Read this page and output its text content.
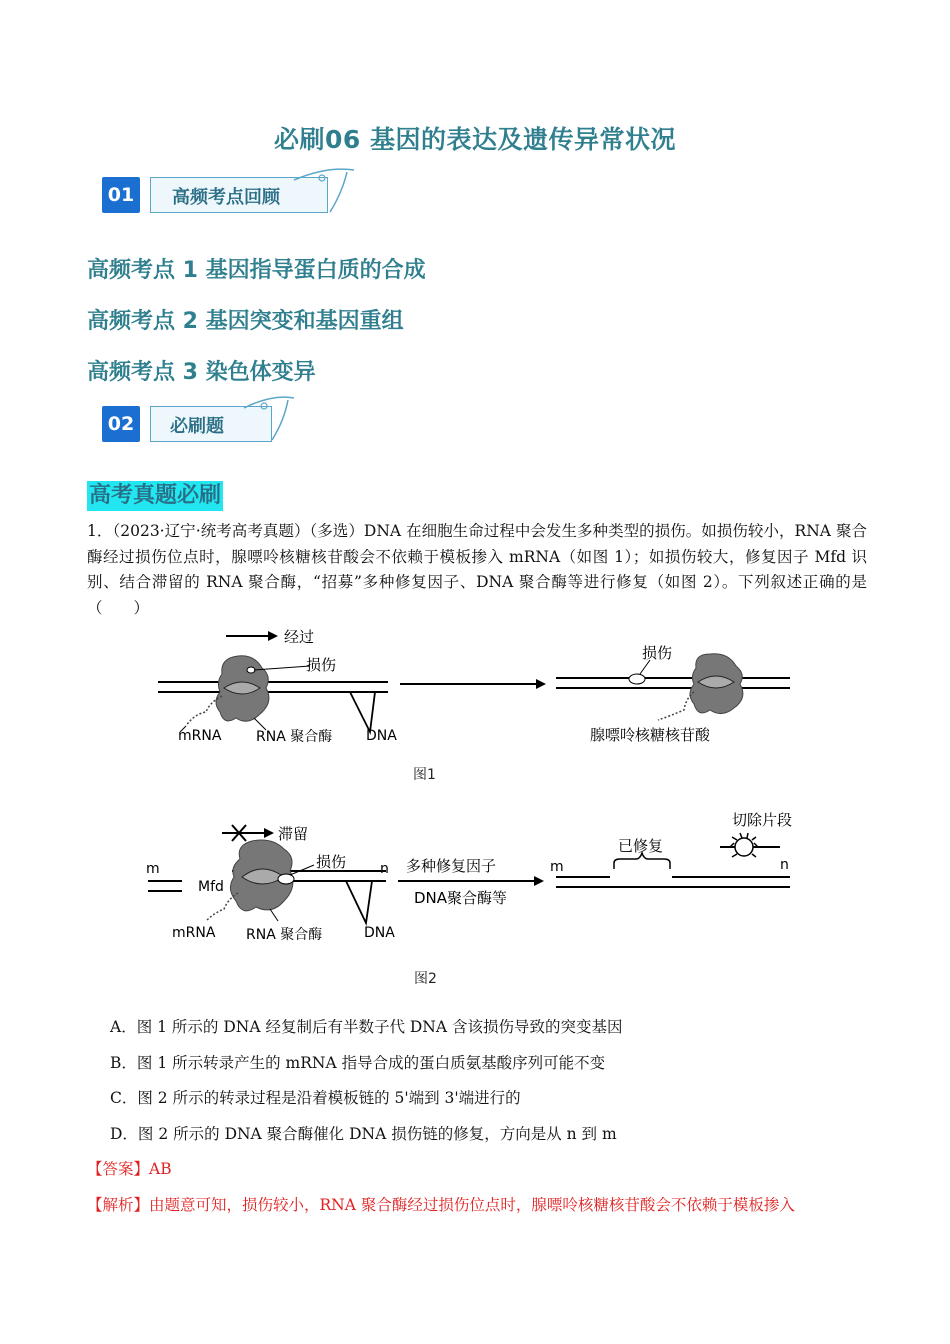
必刷06 基因的表达及遗传异常状况
01	高频考点回顾
高频考点 1 基因指导蛋白质的合成
高频考点 2 基因突变和基因重组
高频考点 3 染色体变异
02	必刷题
高考真题必刷
1．（2023·辽宁·统考高考真题）（多选）DNA 在细胞生命过程中会发生多种类型的损伤。如损伤较小，RNA 聚合酶经过损伤位点时，腺嘌呤核糖核苷酸会不依赖于模板掺入 mRNA（如图 1）；如损伤较大，修复因子 Mfd 识别、结合滞留的 RNA 聚合酶，“招募”多种修复因子、DNA 聚合酶等进行修复（如图 2）。下列叙述正确的是（　　）
经过
损伤
mRNA RNA 聚合酶 DNA
损伤
腺嘌呤核糖核苷酸
图1
滞留
m
Mfd
n
损伤
mRNA RNA 聚合酶	DNA
多种修复因子
DNA聚合酶等
m
已修复
n
切除片段
图2
A．图 1 所示的 DNA 经复制后有半数子代 DNA 含该损伤导致的突变基因
B．图 1 所示转录产生的 mRNA 指导合成的蛋白质氨基酸序列可能不变
C．图 2 所示的转录过程是沿着模板链的 5'端到 3'端进行的
D．图 2 所示的 DNA 聚合酶催化 DNA 损伤链的修复，方向是从 n 到 m
【答案】AB
【解析】由题意可知，损伤较小，RNA 聚合酶经过损伤位点时，腺嘌呤核糖核苷酸会不依赖于模板掺入
